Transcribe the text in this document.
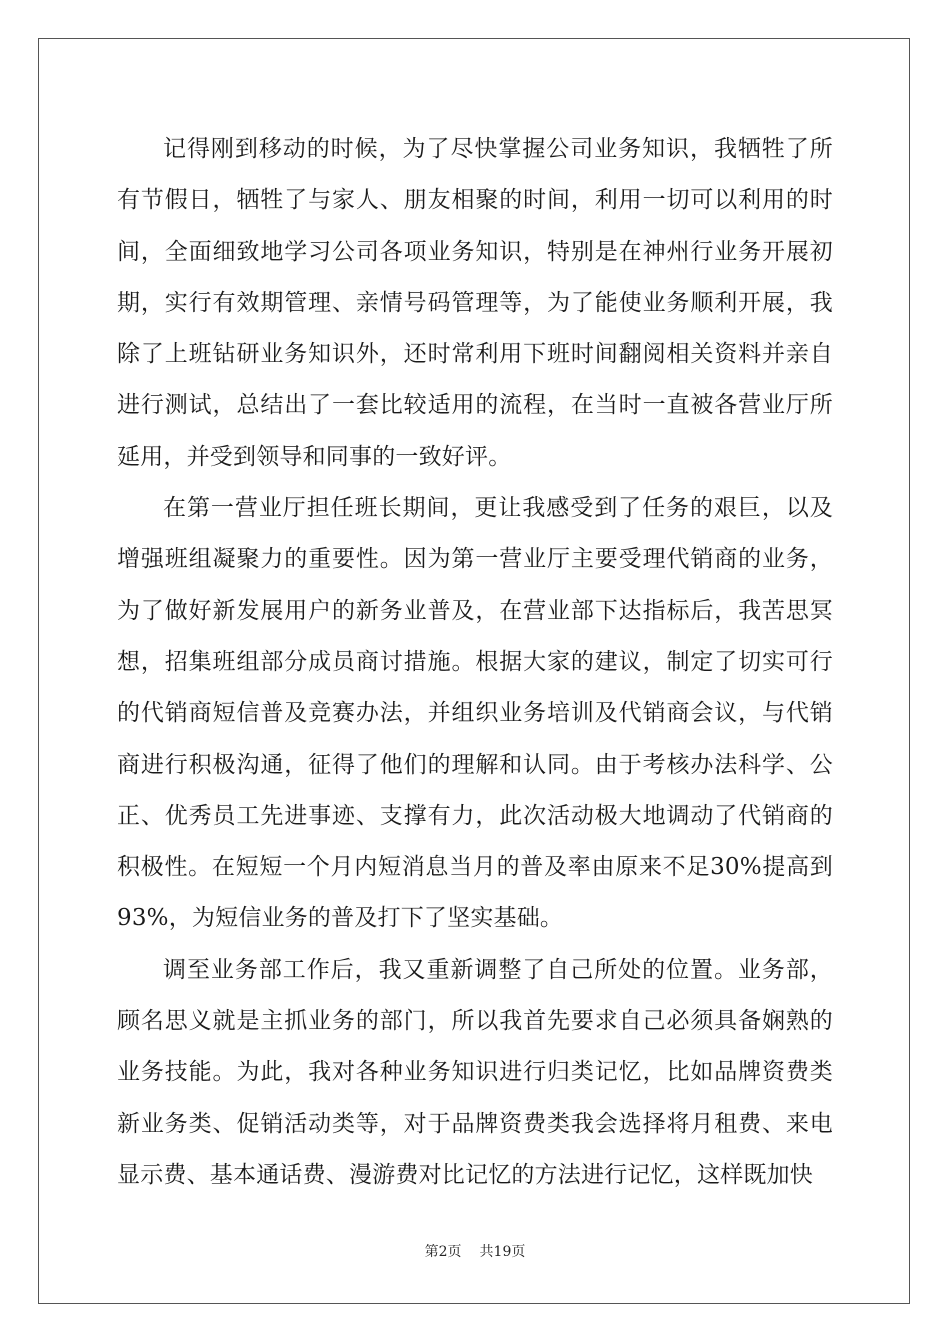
记得刚到移动的时候，为了尽快掌握公司业务知识，我牺牲了所有节假日，牺牲了与家人、朋友相聚的时间，利用一切可以利用的时间，全面细致地学习公司各项业务知识，特别是在神州行业务开展初期，实行有效期管理、亲情号码管理等，为了能使业务顺利开展，我除了上班钻研业务知识外，还时常利用下班时间翻阅相关资料并亲自进行测试，总结出了一套比较适用的流程，在当时一直被各营业厅所延用，并受到领导和同事的一致好评。

在第一营业厅担任班长期间，更让我感受到了任务的艰巨，以及增强班组凝聚力的重要性。因为第一营业厅主要受理代销商的业务，为了做好新发展用户的新务业普及，在营业部下达指标后，我苦思冥想，招集班组部分成员商讨措施。根据大家的建议，制定了切实可行的代销商短信普及竞赛办法，并组织业务培训及代销商会议，与代销商进行积极沟通，征得了他们的理解和认同。由于考核办法科学、公正、优秀员工先进事迹、支撑有力，此次活动极大地调动了代销商的积极性。在短短一个月内短消息当月的普及率由原来不足30%提高到93%，为短信业务的普及打下了坚实基础。

调至业务部工作后，我又重新调整了自己所处的位置。业务部，顾名思义就是主抓业务的部门，所以我首先要求自己必须具备娴熟的业务技能。为此，我对各种业务知识进行归类记忆，比如品牌资费类新业务类、促销活动类等，对于品牌资费类我会选择将月租费、来电显示费、基本通话费、漫游费对比记忆的方法进行记忆，这样既加快

第2页 共19页
